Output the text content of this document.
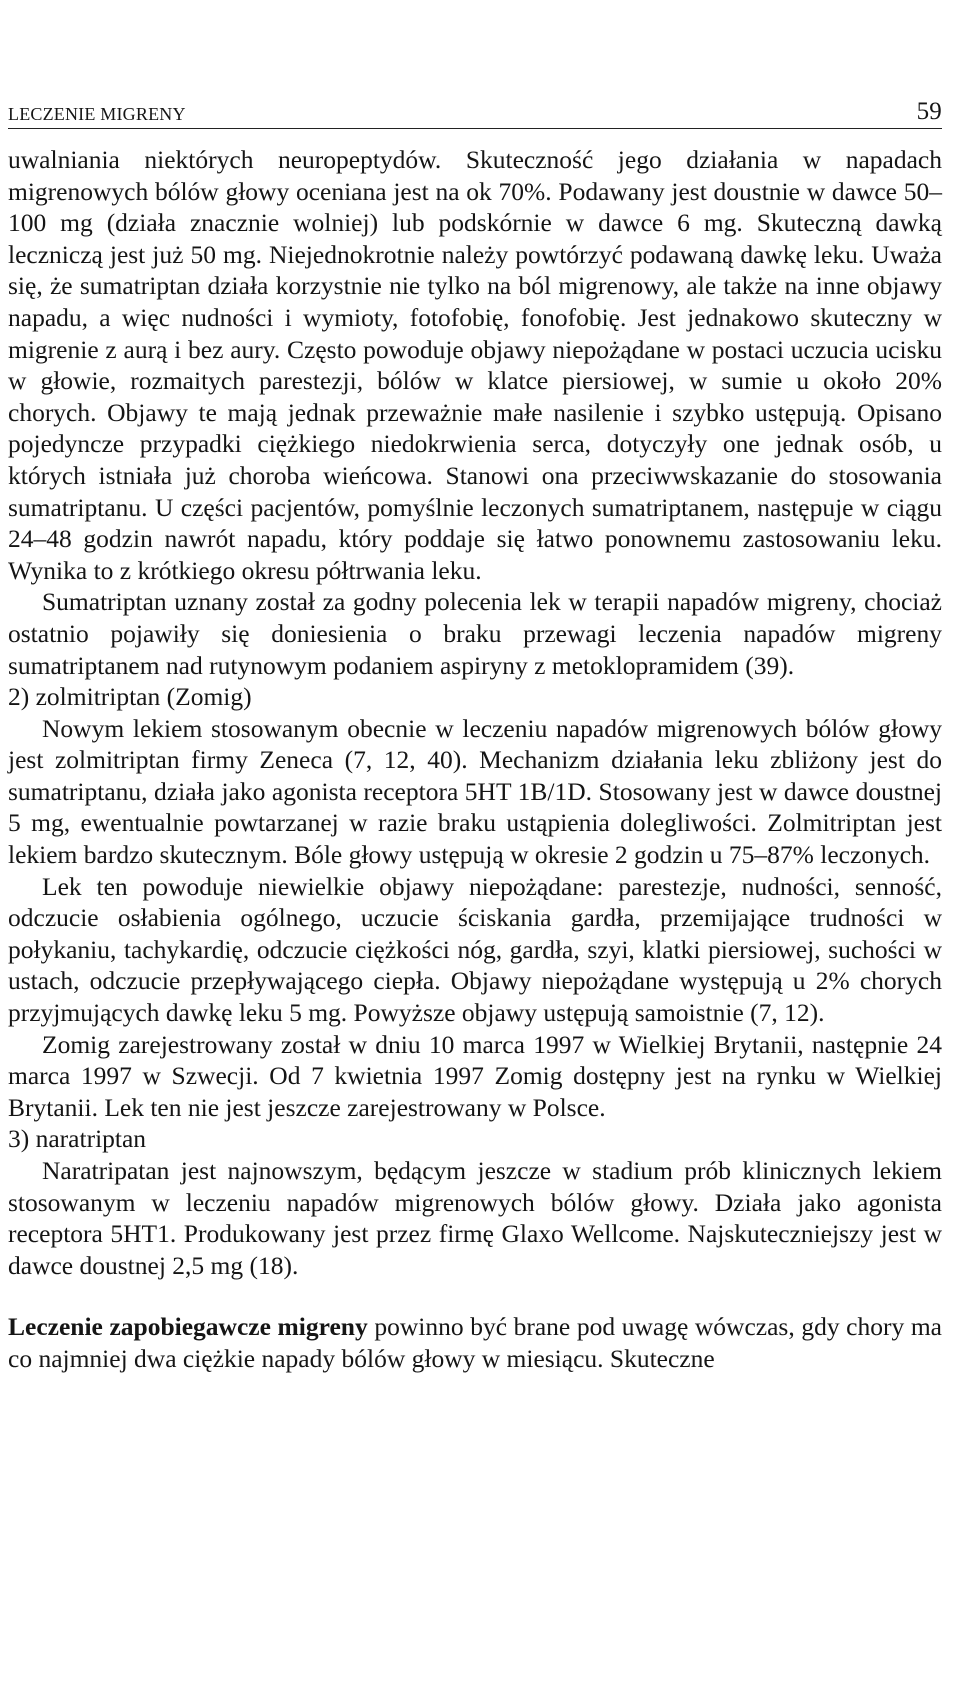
LECZENIE MIGRENY	59

uwalniania niektórych neuropeptydów. Skuteczność jego działania w napadach migrenowych bólów głowy oceniana jest na ok 70%. Podawany jest doustnie w dawce 50–100 mg (działa znacznie wolniej) lub podskórnie w dawce 6 mg. Skuteczną dawką leczniczą jest już 50 mg. Niejednokrotnie należy powtórzyć podawaną dawkę leku. Uważa się, że sumatriptan działa korzystnie nie tylko na ból migrenowy, ale także na inne objawy napadu, a więc nudności i wymioty, fotofobię, fonofobię. Jest jednakowo skuteczny w migrenie z aurą i bez aury. Często powoduje objawy niepożądane w postaci uczucia ucisku w głowie, rozmaitych parestezji, bólów w klatce piersiowej, w sumie u około 20% chorych. Objawy te mają jednak przeważnie małe nasilenie i szybko ustępują. Opisano pojedyncze przypadki ciężkiego niedokrwienia serca, dotyczyły one jednak osób, u których istniała już choroba wieńcowa. Stanowi ona przeciwwskazanie do stosowania sumatriptanu. U części pacjentów, pomyślnie leczonych sumatriptanem, następuje w ciągu 24–48 godzin nawrót napadu, który poddaje się łatwo ponownemu zastosowaniu leku. Wynika to z krótkiego okresu półtrwania leku.

Sumatriptan uznany został za godny polecenia lek w terapii napadów migreny, chociaż ostatnio pojawiły się doniesienia o braku przewagi leczenia napadów migreny sumatriptanem nad rutynowym podaniem aspiryny z metoklopramidem (39).

2) zolmitriptan (Zomig)

Nowym lekiem stosowanym obecnie w leczeniu napadów migrenowych bólów głowy jest zolmitriptan firmy Zeneca (7, 12, 40). Mechanizm działania leku zbliżony jest do sumatriptanu, działa jako agonista receptora 5HT 1B/1D. Stosowany jest w dawce doustnej 5 mg, ewentualnie powtarzanej w razie braku ustąpienia dolegliwości. Zolmitriptan jest lekiem bardzo skutecznym. Bóle głowy ustępują w okresie 2 godzin u 75–87% leczonych.

Lek ten powoduje niewielkie objawy niepożądane: parestezje, nudności, senność, odczucie osłabienia ogólnego, uczucie ściskania gardła, przemijające trudności w połykaniu, tachykardię, odczucie ciężkości nóg, gardła, szyi, klatki piersiowej, suchości w ustach, odczucie przepływającego ciepła. Objawy niepożądane występują u 2% chorych przyjmujących dawkę leku 5 mg. Powyższe objawy ustępują samoistnie (7, 12).

Zomig zarejestrowany został w dniu 10 marca 1997 w Wielkiej Brytanii, następnie 24 marca 1997 w Szwecji. Od 7 kwietnia 1997 Zomig dostępny jest na rynku w Wielkiej Brytanii. Lek ten nie jest jeszcze zarejestrowany w Polsce.

3) naratriptan

Naratripatan jest najnowszym, będącym jeszcze w stadium prób klinicznych lekiem stosowanym w leczeniu napadów migrenowych bólów głowy. Działa jako agonista receptora 5HT1. Produkowany jest przez firmę Glaxo Wellcome. Najskuteczniejszy jest w dawce doustnej 2,5 mg (18).

Leczenie zapobiegawcze migreny powinno być brane pod uwagę wówczas, gdy chory ma co najmniej dwa ciężkie napady bólów głowy w miesiącu. Skuteczne
